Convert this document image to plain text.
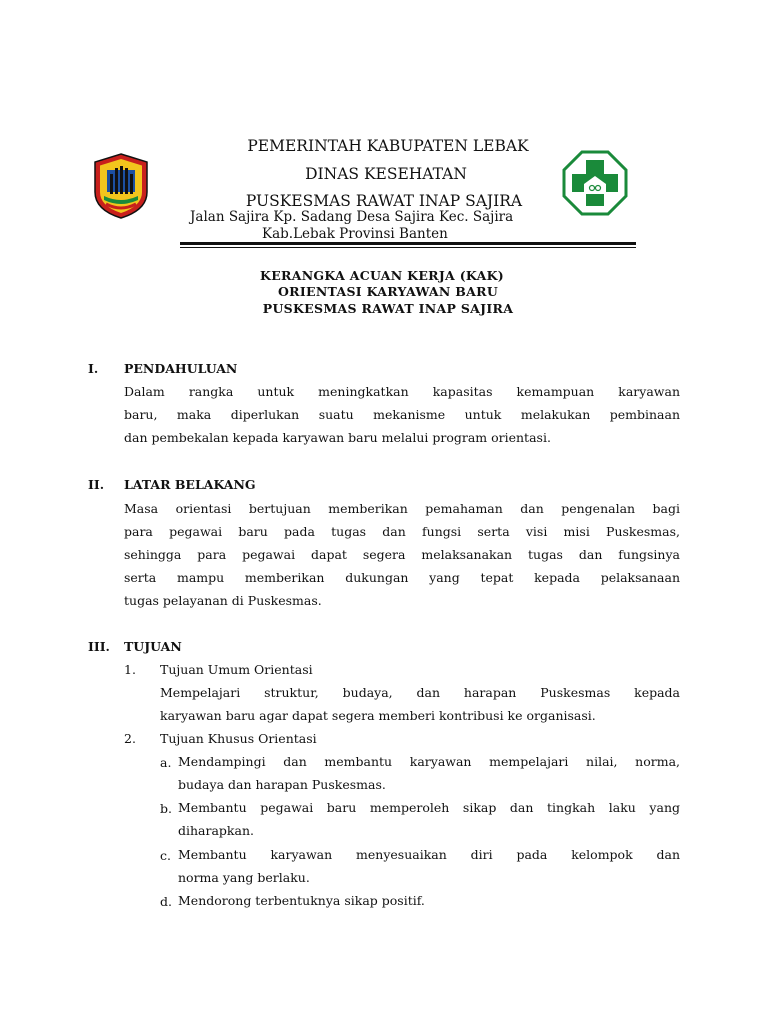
PEMERINTAH KABUPATEN LEBAK
DINAS KESEHATAN
PUSKESMAS RAWAT INAP SAJIRA
Jalan Sajira Kp. Sadang Desa Sajira Kec. Sajira
Kab.Lebak Provinsi Banten
KERANGKA ACUAN KERJA (KAK)
ORIENTASI KARYAWAN BARU
PUSKESMAS RAWAT INAP SAJIRA
I. PENDAHULUAN
Dalam rangka untuk meningkatkan kapasitas kemampuan karyawan
baru, maka diperlukan suatu mekanisme untuk melakukan pembinaan
dan pembekalan kepada karyawan baru melalui program orientasi.
II. LATAR BELAKANG
Masa orientasi bertujuan memberikan pemahaman dan pengenalan bagi
para pegawai baru pada tugas dan fungsi serta visi misi Puskesmas,
sehingga para pegawai dapat segera melaksanakan tugas dan fungsinya
serta mampu memberikan dukungan yang tepat kepada pelaksanaan
tugas pelayanan di Puskesmas.
III. TUJUAN
1. Tujuan Umum Orientasi
Mempelajari struktur, budaya, dan harapan Puskesmas kepada
karyawan baru agar dapat segera memberi kontribusi ke organisasi.
2. Tujuan Khusus Orientasi
a. Mendampingi dan membantu karyawan mempelajari nilai, norma,
budaya dan harapan Puskesmas.
b. Membantu pegawai baru memperoleh sikap dan tingkah laku yang
diharapkan.
c. Membantu karyawan menyesuaikan diri pada kelompok dan
norma yang berlaku.
d. Mendorong terbentuknya sikap positif.
